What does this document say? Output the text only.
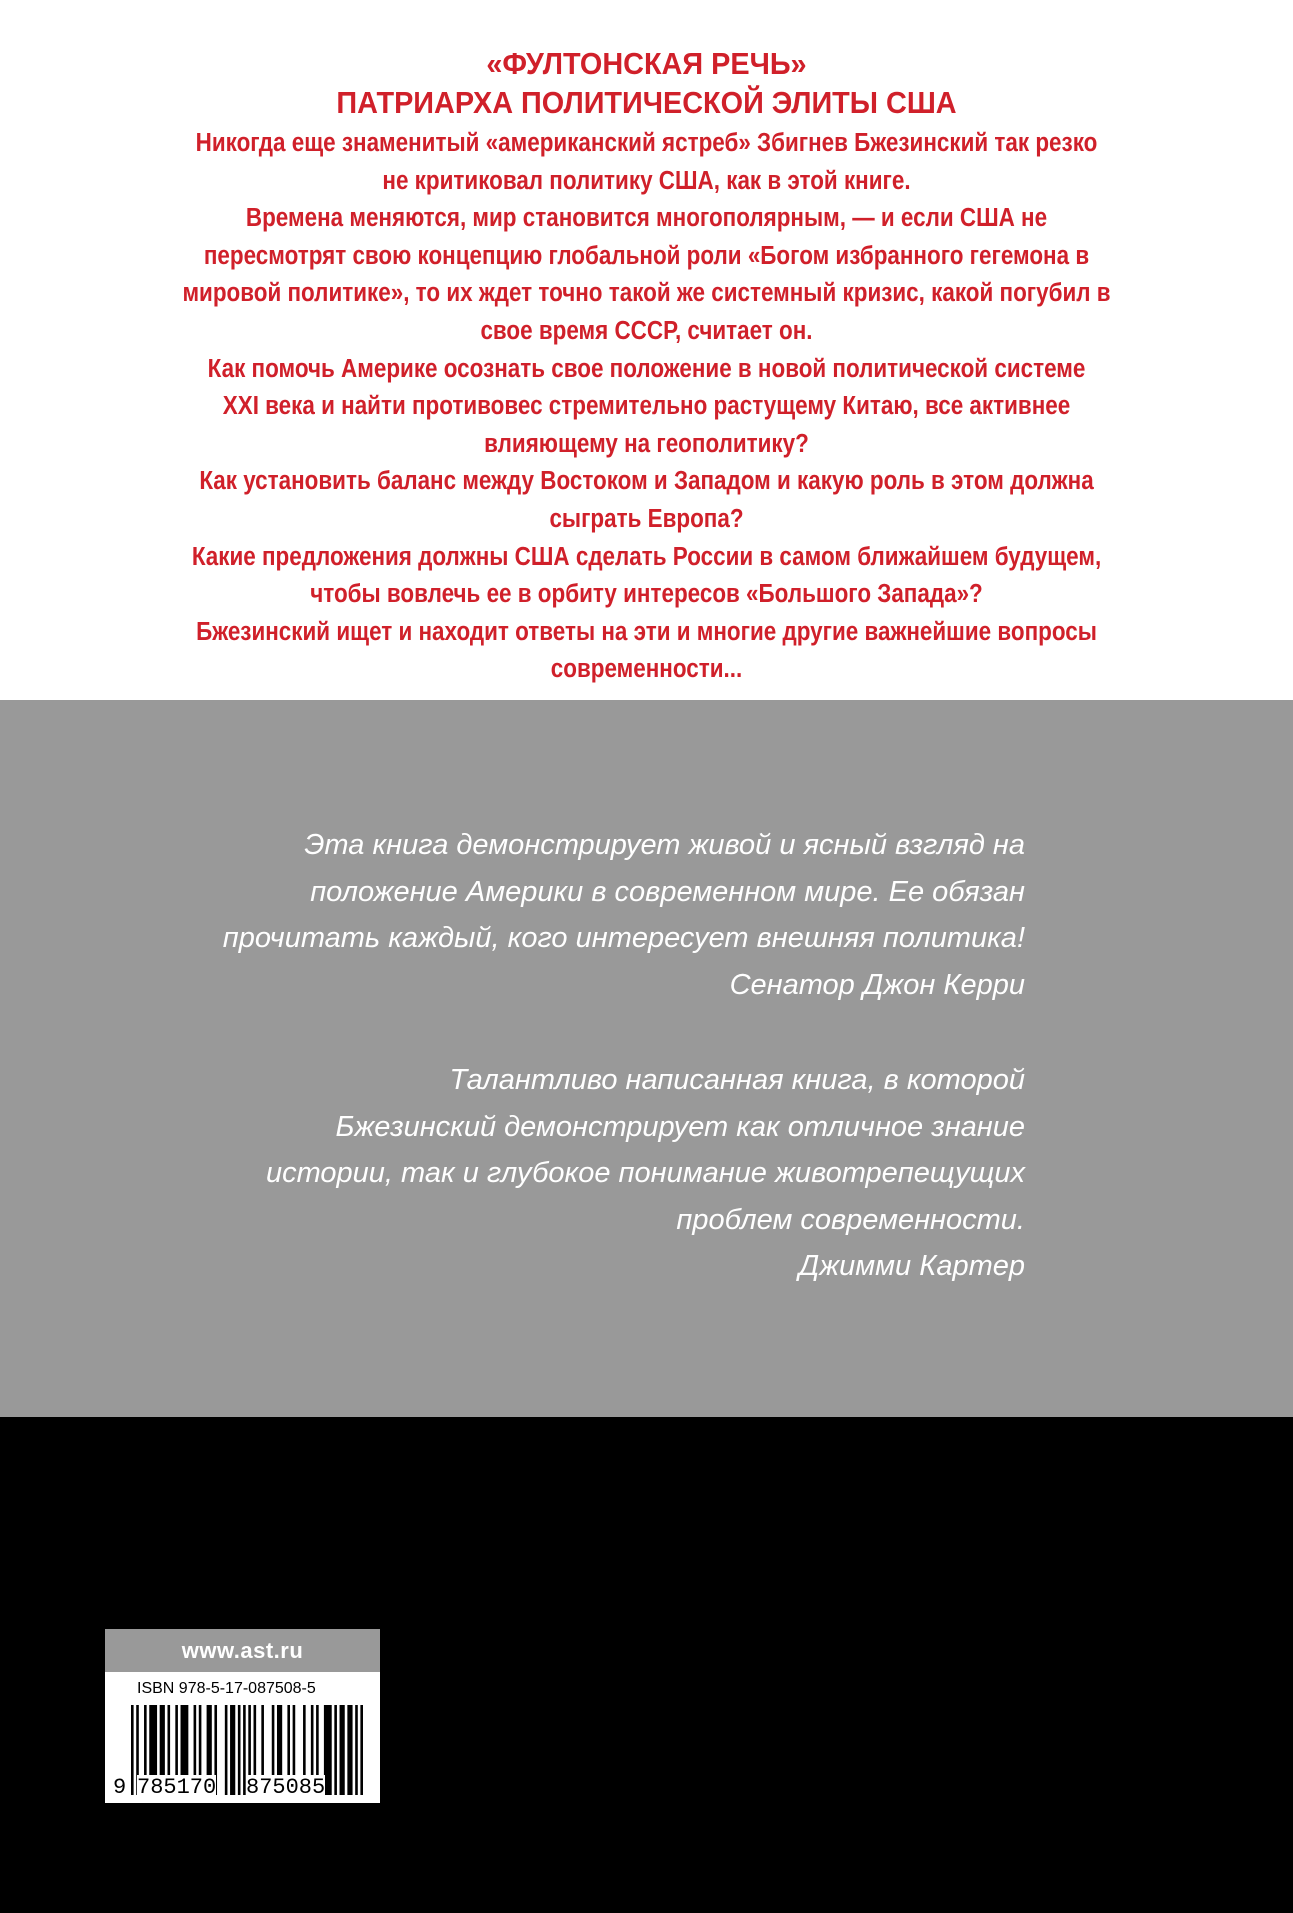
«ФУЛТОНСКАЯ РЕЧЬ»
ПАТРИАРХА ПОЛИТИЧЕСКОЙ ЭЛИТЫ США
Никогда еще знаменитый «американский ястреб» Збигнев Бжезинский так резко
не критиковал политику США, как в этой книге.
Времена меняются, мир становится многополярным, — и если США не
пересмотрят свою концепцию глобальной роли «Богом избранного гегемона в
мировой политике», то их ждет точно такой же системный кризис, какой погубил в
свое время СССР, считает он.
Как помочь Америке осознать свое положение в новой политической системе
XXI века и найти противовес стремительно растущему Китаю, все активнее
влияющему на геополитику?
Как установить баланс между Востоком и Западом и какую роль в этом должна
сыграть Европа?
Какие предложения должны США сделать России в самом ближайшем будущем,
чтобы вовлечь ее в орбиту интересов «Большого Запада»?
Бжезинский ищет и находит ответы на эти и многие другие важнейшие вопросы
современности...
Эта книга демонстрирует живой и ясный взгляд на
положение Америки в современном мире. Ее обязан
прочитать каждый, кого интересует внешняя политика!
Сенатор Джон Керри
Талантливо написанная книга, в которой
Бжезинский демонстрирует как отличное знание
истории, так и глубокое понимание животрепещущих
проблем современности.
Джимми Картер
www.ast.ru
ISBN 978-5-17-087508-5
9 785170 875085
